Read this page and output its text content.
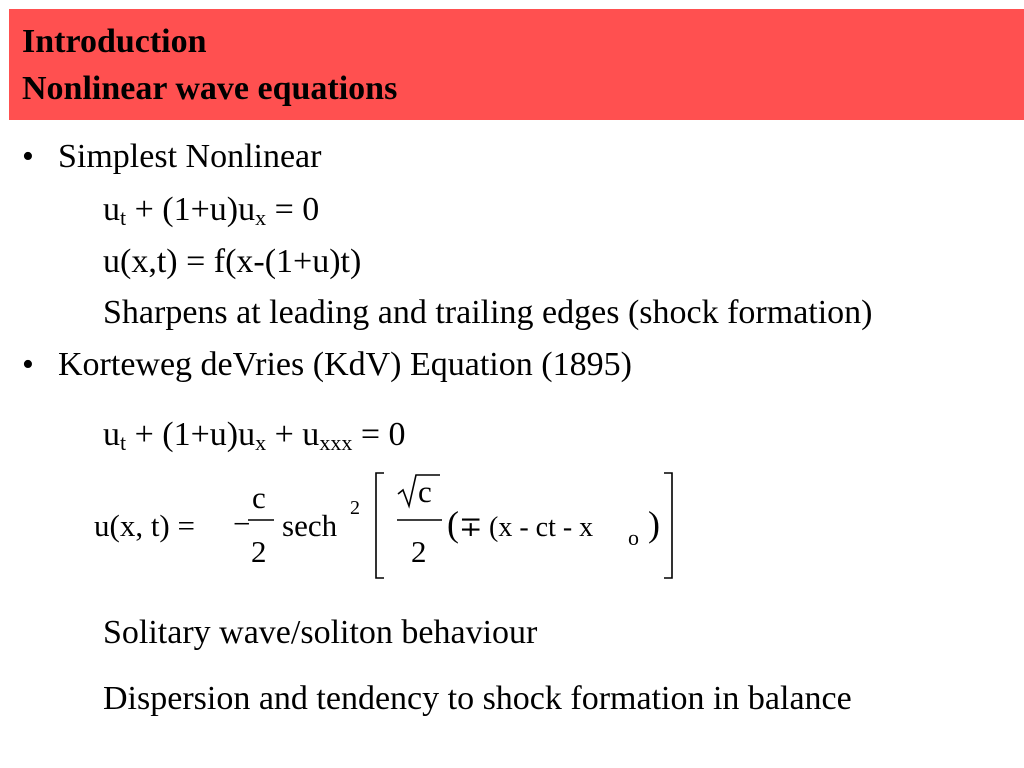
Introduction
Nonlinear wave equations
• Simplest Nonlinear
$u_t + (1+u)u_x = 0$
u(x,t) = f(x-(1+u)t)
Sharpens at leading and trailing edges (shock formation)
• Korteweg deVries (KdV) Equation (1895)
$u_t + (1+u)u_x + u_{xxx} = 0$
u(x, t) = −
c
2
sech 2 c
2
( ∓ (x - ct - x o )
Solitary wave/soliton behaviour
Dispersion and tendency to shock formation in balance
